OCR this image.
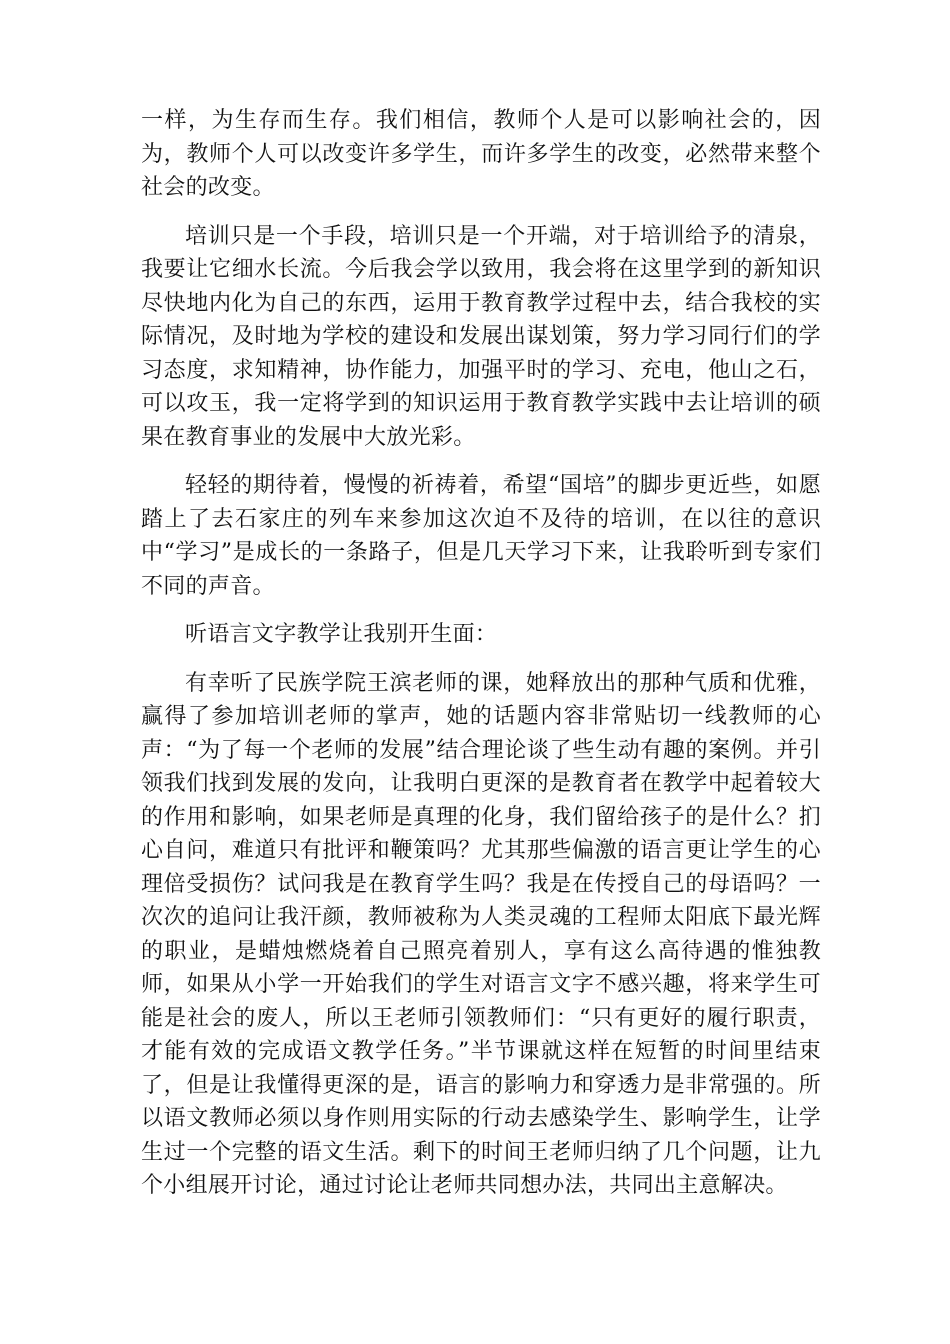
一样，为生存而生存。我们相信，教师个人是可以影响社会的，因为，教师个人可以改变许多学生，而许多学生的改变，必然带来整个社会的改变。

培训只是一个手段，培训只是一个开端，对于培训给予的清泉，我要让它细水长流。今后我会学以致用，我会将在这里学到的新知识尽快地内化为自己的东西，运用于教育教学过程中去，结合我校的实际情况，及时地为学校的建设和发展出谋划策，努力学习同行们的学习态度，求知精神，协作能力，加强平时的学习、充电，他山之石，可以攻玉，我一定将学到的知识运用于教育教学实践中去让培训的硕果在教育事业的发展中大放光彩。

轻轻的期待着，慢慢的祈祷着，希望“国培”的脚步更近些，如愿踏上了去石家庄的列车来参加这次迫不及待的培训，在以往的意识中“学习”是成长的一条路子，但是几天学习下来，让我聆听到专家们不同的声音。

听语言文字教学让我别开生面：

有幸听了民族学院王滨老师的课，她释放出的那种气质和优雅，赢得了参加培训老师的掌声，她的话题内容非常贴切一线教师的心声：“为了每一个老师的发展”结合理论谈了些生动有趣的案例。并引领我们找到发展的发向，让我明白更深的是教育者在教学中起着较大的作用和影响，如果老师是真理的化身，我们留给孩子的是什么？扪心自问，难道只有批评和鞭策吗？尤其那些偏激的语言更让学生的心理倍受损伤？试问我是在教育学生吗？我是在传授自己的母语吗？一次次的追问让我汗颜，教师被称为人类灵魂的工程师太阳底下最光辉的职业，是蜡烛燃烧着自己照亮着别人，享有这么高待遇的惟独教师，如果从小学一开始我们的学生对语言文字不感兴趣，将来学生可能是社会的废人，所以王老师引领教师们：“只有更好的履行职责，才能有效的完成语文教学任务。”半节课就这样在短暂的时间里结束了，但是让我懂得更深的是，语言的影响力和穿透力是非常强的。所以语文教师必须以身作则用实际的行动去感染学生、影响学生，让学生过一个完整的语文生活。剩下的时间王老师归纳了几个问题，让九个小组展开讨论，通过讨论让老师共同想办法，共同出主意解决。
